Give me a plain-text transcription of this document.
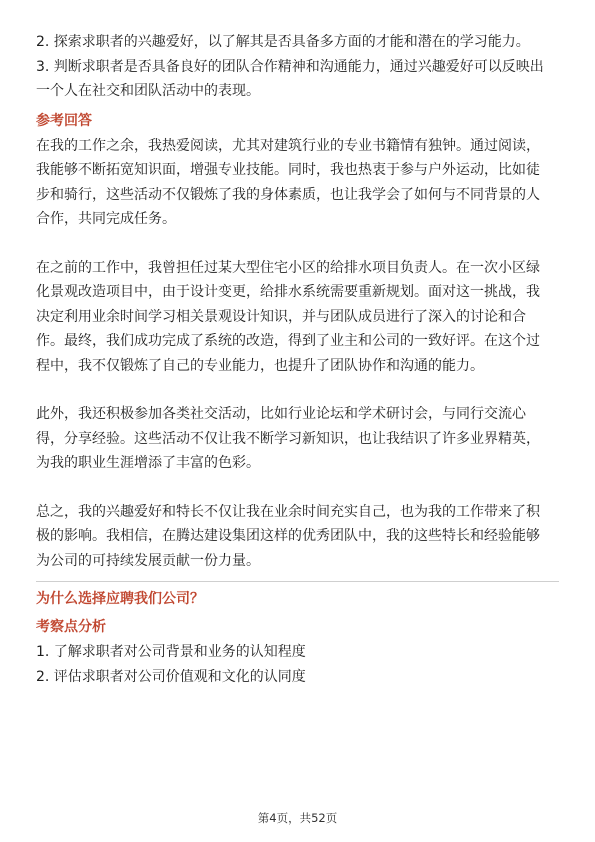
2. 探索求职者的兴趣爱好，以了解其是否具备多方面的才能和潜在的学习能力。

3. 判断求职者是否具备良好的团队合作精神和沟通能力，通过兴趣爱好可以反映出

一个人在社交和团队活动中的表现。

参考回答

在我的工作之余，我热爱阅读，尤其对建筑行业的专业书籍情有独钟。通过阅读，

我能够不断拓宽知识面，增强专业技能。同时，我也热衷于参与户外运动，比如徒

步和骑行，这些活动不仅锻炼了我的身体素质，也让我学会了如何与不同背景的人

合作，共同完成任务。

在之前的工作中，我曾担任过某大型住宅小区的给排水项目负责人。在一次小区绿

化景观改造项目中，由于设计变更，给排水系统需要重新规划。面对这一挑战，我

决定利用业余时间学习相关景观设计知识，并与团队成员进行了深入的讨论和合

作。最终，我们成功完成了系统的改造，得到了业主和公司的一致好评。在这个过

程中，我不仅锻炼了自己的专业能力，也提升了团队协作和沟通的能力。

此外，我还积极参加各类社交活动，比如行业论坛和学术研讨会，与同行交流心

得，分享经验。这些活动不仅让我不断学习新知识，也让我结识了许多业界精英，

为我的职业生涯增添了丰富的色彩。

总之，我的兴趣爱好和特长不仅让我在业余时间充实自己，也为我的工作带来了积

极的影响。我相信，在腾达建设集团这样的优秀团队中，我的这些特长和经验能够

为公司的可持续发展贡献一份力量。

为什么选择应聘我们公司？
考察点分析

1. 了解求职者对公司背景和业务的认知程度

2. 评估求职者对公司价值观和文化的认同度

第4页，共52页
